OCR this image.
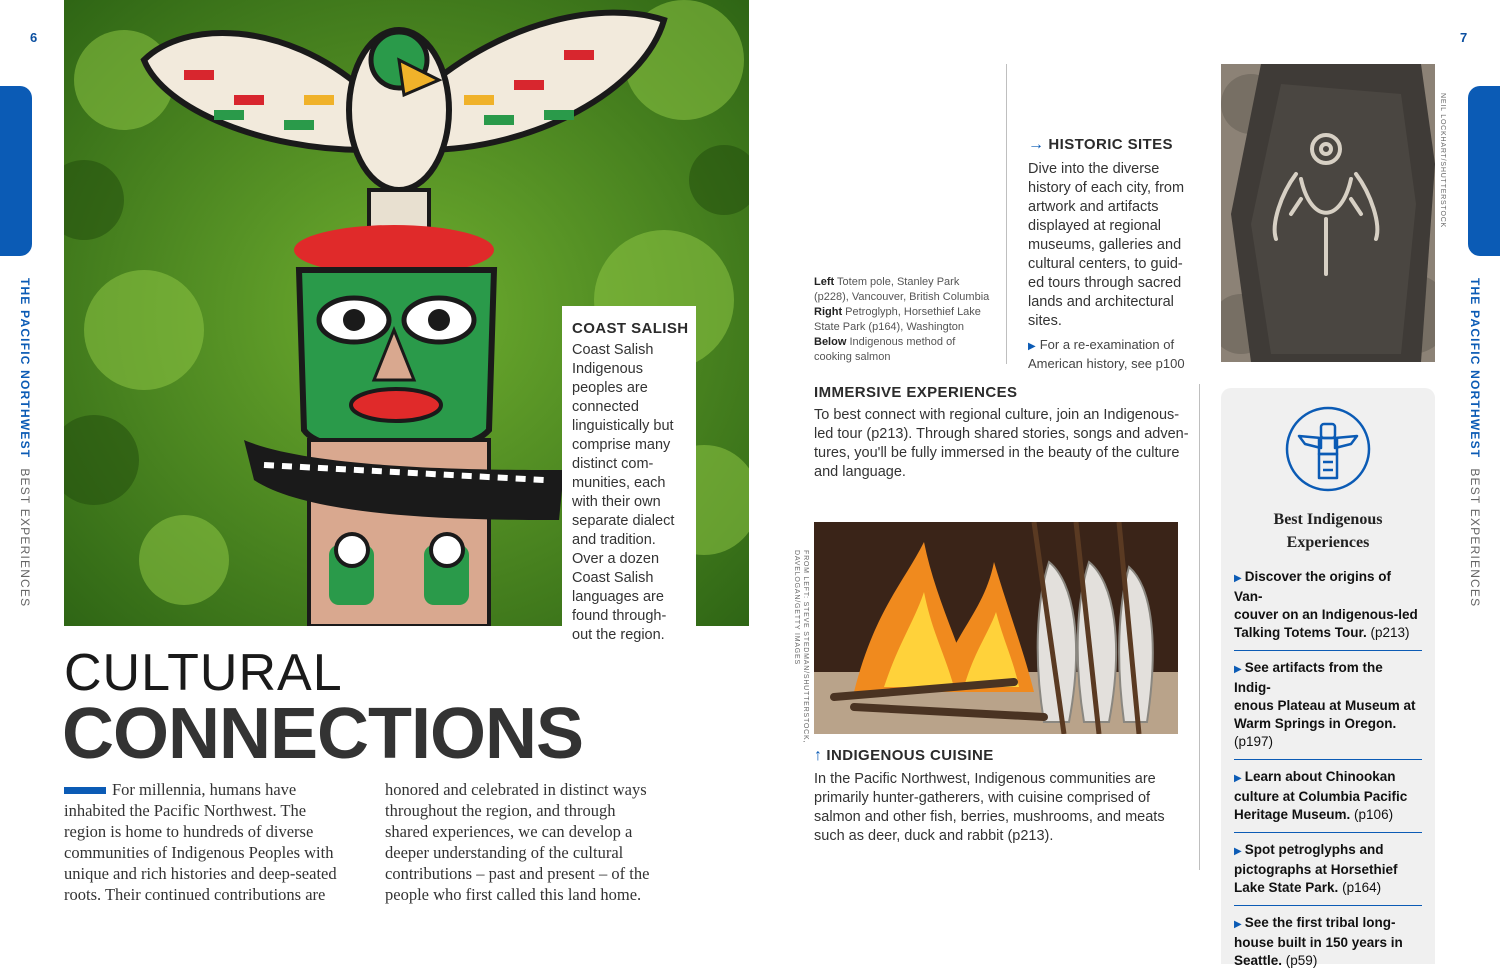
6
THE PACIFIC NORTHWESTBEST EXPERIENCES
COAST SALISH
Coast Salish
Indigenous
peoples are
connected
linguistically but
comprise many
distinct com-
munities, each
with their own
separate dialect
and tradition.
Over a dozen
Coast Salish
languages are
found through-
out the region.
CULTURAL
CONNECTIONS
For millennia, humans have
inhabited the Pacific Northwest. The
region is home to hundreds of diverse
communities of Indigenous Peoples with
unique and rich histories and deep-seated
roots. Their continued contributions are
honored and celebrated in distinct ways
throughout the region, and through
shared experiences, we can develop a
deeper understanding of the cultural
contributions – past and present – of the
people who first called this land home.
7
THE PACIFIC NORTHWESTBEST EXPERIENCES
Left Totem pole, Stanley Park
(p228), Vancouver, British Columbia
Right Petroglyph, Horsethief Lake
State Park (p164), Washington
Below Indigenous method of
cooking salmon
→ HISTORIC SITES
Dive into the diverse
history of each city, from
artwork and artifacts
displayed at regional
museums, galleries and
cultural centers, to guid-
ed tours through sacred
lands and architectural
sites.
▶ For a re-examination of
American history, see p100
NEIL LOCKHART/SHUTTERSTOCK
IMMERSIVE EXPERIENCES
To best connect with regional culture, join an Indigenous-
led tour (p213). Through shared stories, songs and adven-
tures, you'll be fully immersed in the beauty of the culture
and language.
FROM LEFT: STEVE STEDMAN/SHUTTERSTOCK,
DAVELOGAN/GETTY IMAGES
↑ INDIGENOUS CUISINE
In the Pacific Northwest, Indigenous communities are
primarily hunter-gatherers, with cuisine comprised of
salmon and other fish, berries, mushrooms, and meats
such as deer, duck and rabbit (p213).
Best Indigenous
Experiences
▶ Discover the origins of Van-
couver on an Indigenous-led
Talking Totems Tour. (p213)
▶ See artifacts from the Indig-
enous Plateau at Museum at
Warm Springs in Oregon. (p197)
▶ Learn about Chinookan
culture at Columbia Pacific
Heritage Museum. (p106)
▶ Spot petroglyphs and
pictographs at Horsethief
Lake State Park. (p164)
▶ See the first tribal long-
house built in 150 years in
Seattle. (p59)
